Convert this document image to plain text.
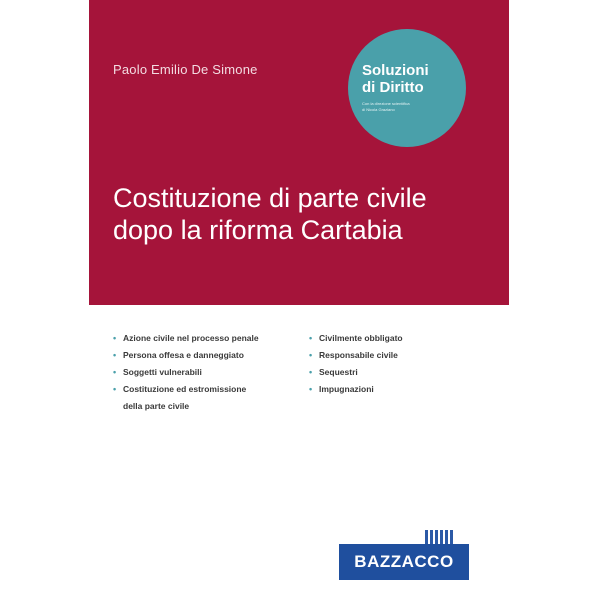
Paolo Emilio De Simone	Soluzioni
di Diritto
Con la direzione scientifica
di Nicola Graziano
Costituzione di parte civile
dopo la riforma Cartabia
• Azione civile nel processo penale
• Persona offesa e danneggiato
• Soggetti vulnerabili
• Costituzione ed estromissione
della parte civile
• Civilmente obbligato
• Responsabile civile
• Sequestri
• Impugnazioni
BAZZACCO
